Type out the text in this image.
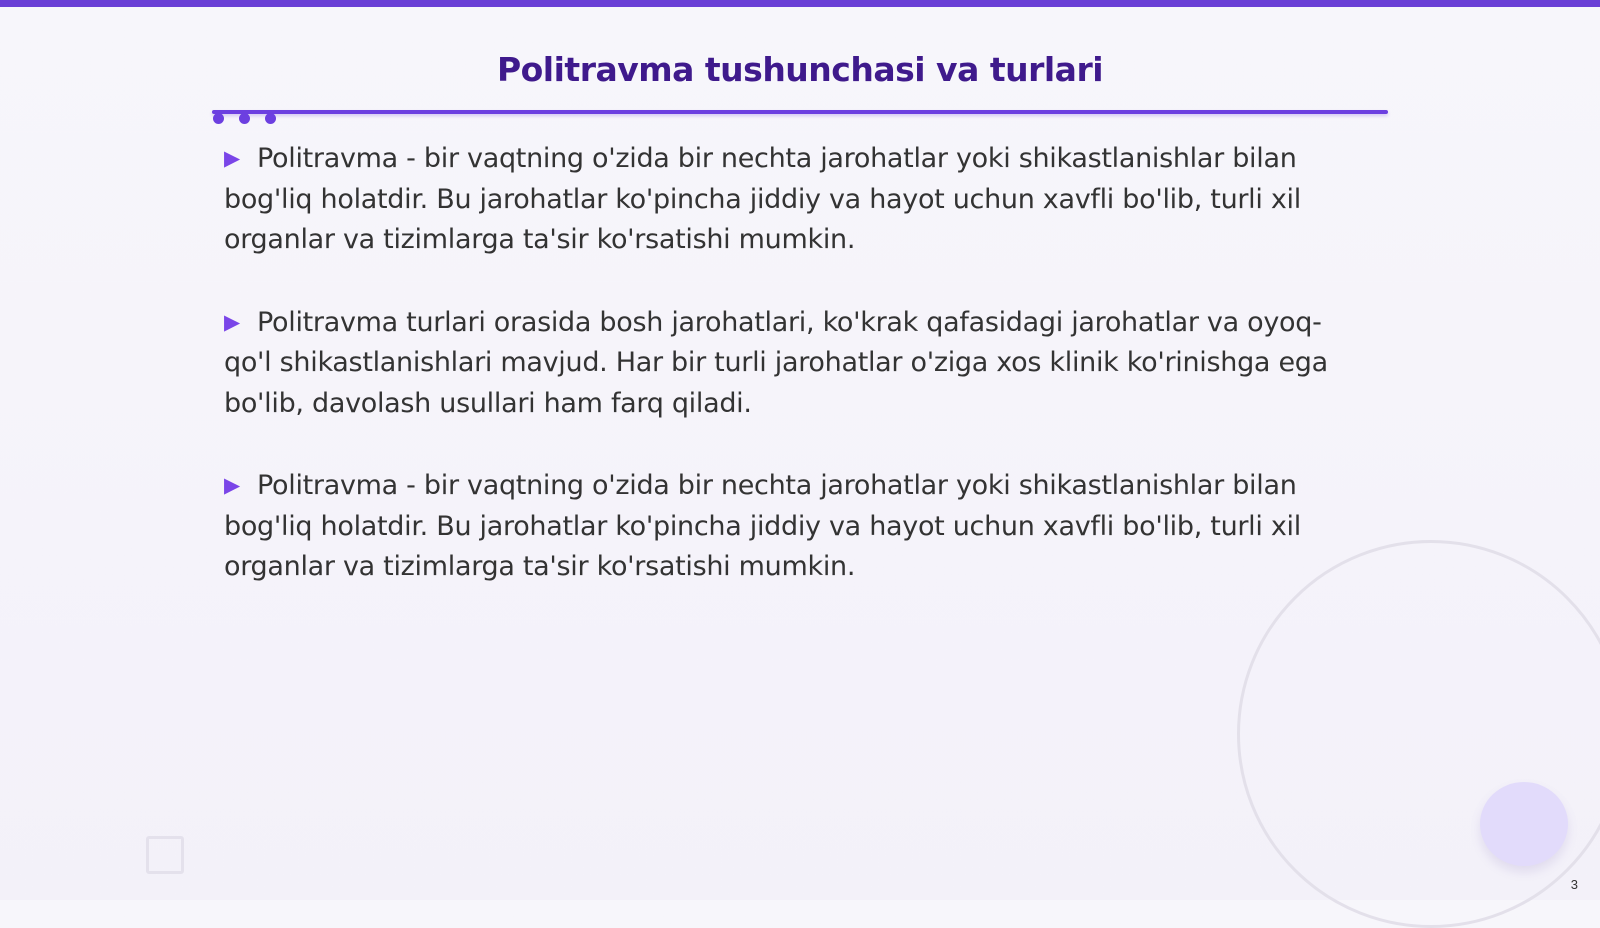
Politravma tushunchasi va turlari

▶ Politravma - bir vaqtning o'zida bir nechta jarohatlar yoki shikastlanishlar bilan bog'liq holatdir. Bu jarohatlar ko'pincha jiddiy va hayot uchun xavfli bo'lib, turli xil organlar va tizimlarga ta'sir ko'rsatishi mumkin.

▶ Politravma turlari orasida bosh jarohatlari, ko'krak qafasidagi jarohatlar va oyoq-qo'l shikastlanishlari mavjud. Har bir turli jarohatlar o'ziga xos klinik ko'rinishga ega bo'lib, davolash usullari ham farq qiladi.

▶ Politravma - bir vaqtning o'zida bir nechta jarohatlar yoki shikastlanishlar bilan bog'liq holatdir. Bu jarohatlar ko'pincha jiddiy va hayot uchun xavfli bo'lib, turli xil organlar va tizimlarga ta'sir ko'rsatishi mumkin.

3
